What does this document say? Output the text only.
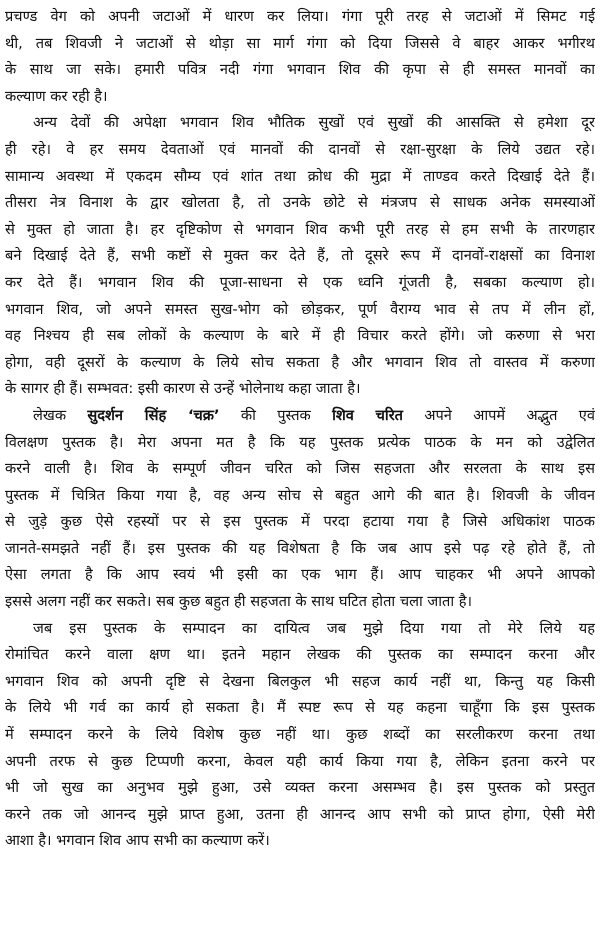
प्रचण्ड वेग को अपनी जटाओं में धारण कर लिया। गंगा पूरी तरह से जटाओं में सिमट गई
थी, तब शिवजी ने जटाओं से थोड़ा सा मार्ग गंगा को दिया जिससे वे बाहर आकर भगीरथ
के साथ जा सके। हमारी पवित्र नदी गंगा भगवान शिव की कृपा से ही समस्त मानवों का
कल्याण कर रही है।
अन्य देवों की अपेक्षा भगवान शिव भौतिक सुखों एवं सुखों की आसक्ति से हमेशा दूर
ही रहे। वे हर समय देवताओं एवं मानवों की दानवों से रक्षा-सुरक्षा के लिये उद्यत रहे।
सामान्य अवस्था में एकदम सौम्य एवं शांत तथा क्रोध की मुद्रा में ताण्डव करते दिखाई देते हैं।
तीसरा नेत्र विनाश के द्वार खोलता है, तो उनके छोटे से मंत्रजप से साधक अनेक समस्याओं
से मुक्त हो जाता है। हर दृष्टिकोण से भगवान शिव कभी पूरी तरह से हम सभी के तारणहार
बने दिखाई देते हैं, सभी कष्टों से मुक्त कर देते हैं, तो दूसरे रूप में दानवों-राक्षसों का विनाश
कर देते हैं। भगवान शिव की पूजा-साधना से एक ध्वनि गूंजती है, सबका कल्याण हो।
भगवान शिव, जो अपने समस्त सुख-भोग को छोड़कर, पूर्ण वैराग्य भाव से तप में लीन हों,
वह निश्चय ही सब लोकों के कल्याण के बारे में ही विचार करते होंगे। जो करुणा से भरा
होगा, वही दूसरों के कल्याण के लिये सोच सकता है और भगवान शिव तो वास्तव में करुणा
के सागर ही हैं। सम्भवत: इसी कारण से उन्हें भोलेनाथ कहा जाता है।
लेखक सुदर्शन सिंह ‘चक्र’ की पुस्तक शिव चरित अपने आपमें अद्भुत एवं
विलक्षण पुस्तक है। मेरा अपना मत है कि यह पुस्तक प्रत्येक पाठक के मन को उद्वेलित
करने वाली है। शिव के सम्पूर्ण जीवन चरित को जिस सहजता और सरलता के साथ इस
पुस्तक में चित्रित किया गया है, वह अन्य सोच से बहुत आगे की बात है। शिवजी के जीवन
से जुड़े कुछ ऐसे रहस्यों पर से इस पुस्तक में परदा हटाया गया है जिसे अधिकांश पाठक
जानते-समझते नहीं हैं। इस पुस्तक की यह विशेषता है कि जब आप इसे पढ़ रहे होते हैं, तो
ऐसा लगता है कि आप स्वयं भी इसी का एक भाग हैं। आप चाहकर भी अपने आपको
इससे अलग नहीं कर सकते। सब कुछ बहुत ही सहजता के साथ घटित होता चला जाता है।
जब इस पुस्तक के सम्पादन का दायित्व जब मुझे दिया गया तो मेरे लिये यह
रोमांचित करने वाला क्षण था। इतने महान लेखक की पुस्तक का सम्पादन करना और
भगवान शिव को अपनी दृष्टि से देखना बिलकुल भी सहज कार्य नहीं था, किन्तु यह किसी
के लिये भी गर्व का कार्य हो सकता है। मैं स्पष्ट रूप से यह कहना चाहूँगा कि इस पुस्तक
में सम्पादन करने के लिये विशेष कुछ नहीं था। कुछ शब्दों का सरलीकरण करना तथा
अपनी तरफ से कुछ टिप्पणी करना, केवल यही कार्य किया गया है, लेकिन इतना करने पर
भी जो सुख का अनुभव मुझे हुआ, उसे व्यक्त करना असम्भव है। इस पुस्तक को प्रस्तुत
करने तक जो आनन्द मुझे प्राप्त हुआ, उतना ही आनन्द आप सभी को प्राप्त होगा, ऐसी मेरी
आशा है। भगवान शिव आप सभी का कल्याण करें।
